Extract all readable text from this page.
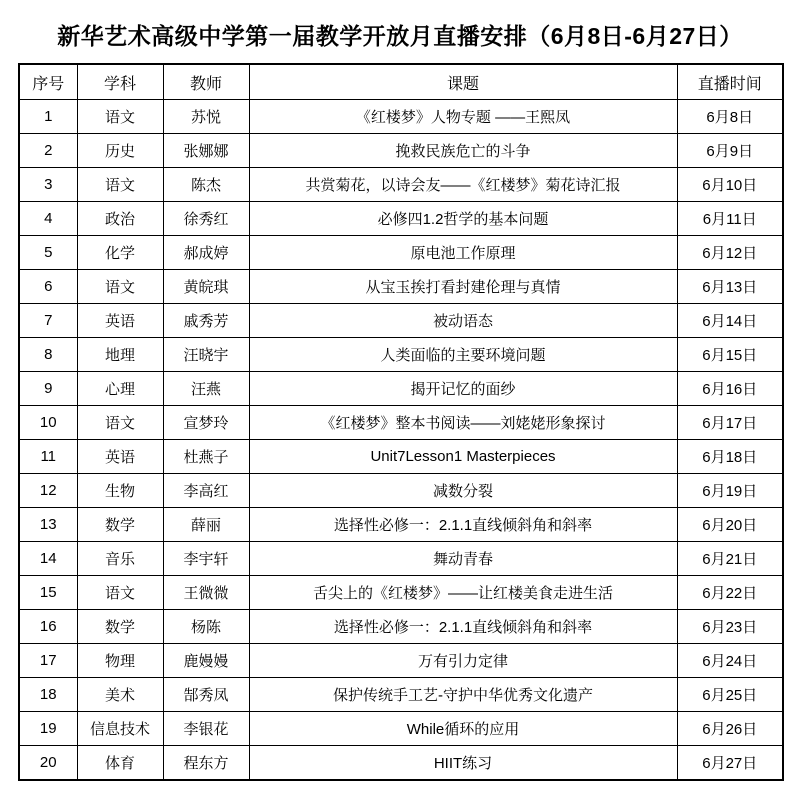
新华艺术高级中学第一届教学开放月直播安排（6月8日-6月27日）
序号	学科	教师	课题	直播时间
1	语文	苏悦	《红楼梦》人物专题 ——王熙凤	6月8日
2	历史	张娜娜	挽救民族危亡的斗争	6月9日
3	语文	陈杰	共赏菊花，以诗会友——《红楼梦》菊花诗汇报	6月10日
4	政治	徐秀红	必修四1.2哲学的基本问题	6月11日
5	化学	郝成婷	原电池工作原理	6月12日
6	语文	黄皖琪	从宝玉挨打看封建伦理与真情	6月13日
7	英语	戚秀芳	被动语态	6月14日
8	地理	汪晓宇	人类面临的主要环境问题	6月15日
9	心理	汪燕	揭开记忆的面纱	6月16日
10	语文	宣梦玲	《红楼梦》整本书阅读——刘姥姥形象探讨	6月17日
11	英语	杜燕子	Unit7Lesson1 Masterpieces	6月18日
12	生物	李高红	减数分裂	6月19日
13	数学	薛丽	选择性必修一：2.1.1直线倾斜角和斜率	6月20日
14	音乐	李宇轩	舞动青春	6月21日
15	语文	王微微	舌尖上的《红楼梦》——让红楼美食走进生活	6月22日
16	数学	杨陈	选择性必修一：2.1.1直线倾斜角和斜率	6月23日
17	物理	鹿嫚嫚	万有引力定律	6月24日
18	美术	郜秀凤	保护传统手工艺-守护中华优秀文化遗产	6月25日
19	信息技术	李银花	While循环的应用	6月26日
20	体育	程东方	HIIT练习	6月27日
